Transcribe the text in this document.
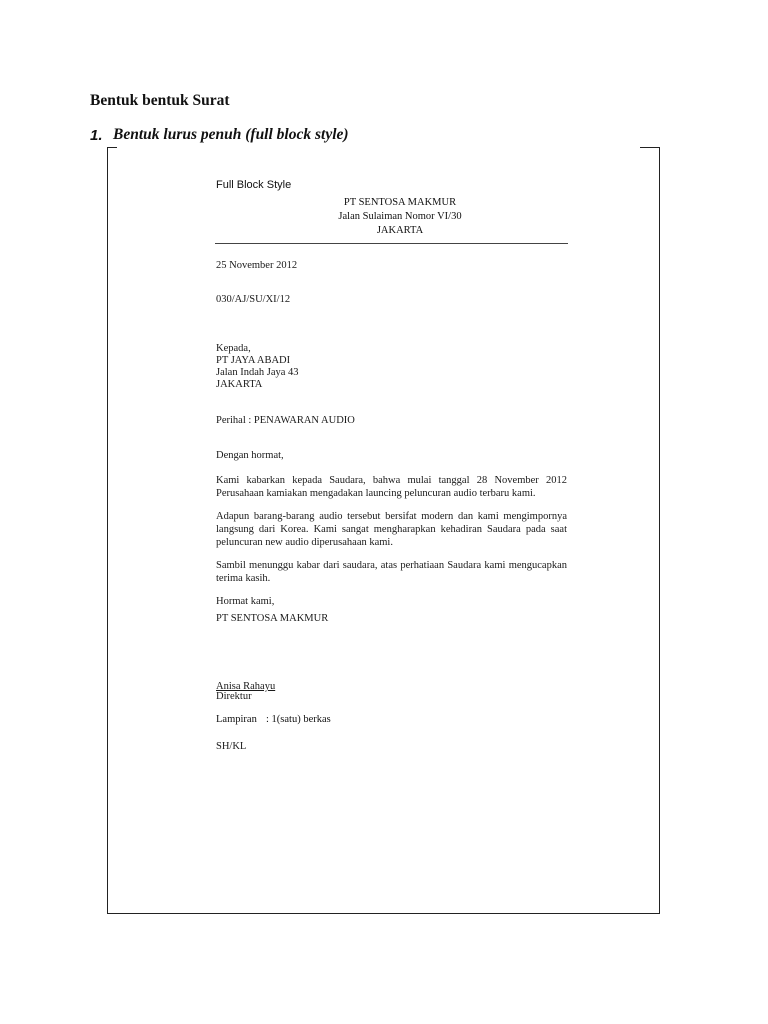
Bentuk bentuk Surat
1. Bentuk lurus penuh (full block style)
Full Block Style
PT SENTOSA MAKMUR
Jalan Sulaiman Nomor VI/30
JAKARTA
25 November 2012
030/AJ/SU/XI/12
Kepada,
PT JAYA ABADI
Jalan Indah Jaya 43
JAKARTA
Perihal : PENAWARAN AUDIO
Dengan hormat,
Kami kabarkan kepada Saudara, bahwa mulai tanggal 28 November 2012 Perusahaan kamiakan mengadakan launcing peluncuran audio terbaru kami.
Adapun barang-barang audio tersebut bersifat modern dan kami mengimpornya langsung dari Korea. Kami sangat mengharapkan kehadiran Saudara pada saat peluncuran new audio diperusahaan kami.
Sambil menunggu kabar dari saudara, atas perhatiaan Saudara kami mengucapkan terima kasih.
Hormat kami,
PT SENTOSA MAKMUR
Anisa Rahayu
Direktur
Lampiran : 1(satu) berkas
SH/KL
